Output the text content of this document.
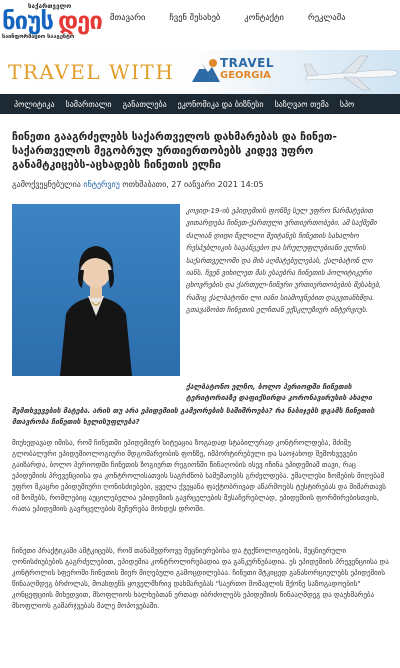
საქართველო
ნიუს დეი
საინფორმაციო სააგენტო
მთავარი	ჩვენ შესახებ	კონტაქტი	რეკლამა
TRAVEL WITH	TRAVEL
GEORGIA
პოლიტიკა სამართალი განათლება ეკონომიკა და ბიზნესი საზღვაო თემა სპო
ჩინეთი გააგრძელებს საქართველოს დახმარებას და ჩინეთ-საქართველოს მეგობრულ ურთიერთობებს კიდევ უფრო განამტკიცებს-აცხადებს ჩინეთის ელჩი
გამოქვეყნებულია ინტერვიუ ოთხშაბათი, 27 იანვარი 2021 14:05

კოვიდ-19-ის ეპიდემიის ფონზე სულ უფრო წარმატებით ვითარდება ჩინეთ-ქართული ურთიერთობები. ამ საქმეში ძალიან დიდი წვლილი შეიტანეს ჩინეთის სახალხო რესპუბლიკის საგანგებო და სრულუფლებიანი ელჩის საქართველოში და მის აღმატებულებას, ქალბატონ ლი იანს. ჩვენ ვიხილეთ მას ესაუბრა ჩინეთის პოლიტიკური ცხოვრების და ქართულ-ჩინური ურთიერთობების შესახებ, რაშიც ქალბატონი ლი იანი სიამოვნებით დაგვთანხმდა. გთავაზობთ ჩინეთის ელჩთან ექსკლუზიურ ინტერვიუს.

ქალბატონო ელჩო, ბოლო პერიოდში ჩინეთის ტერიტორიაზე დაფიქსირდა კორონავირუსის ახალი

შემთხვევების მატება. არის თუ არა ეპიდემიის გამეორების საშიშროება? რა ნაბიჯებს დგამს ჩინეთის მთავრობა ჩინეთის ხელისუფლება?

მიუხედავად იმისა, რომ ჩინეთში ეპიდემიურ სიტუაცია ზოგადად სტაბილურად კონტროლდება, მძიმე გლობალური ეპიდემიოლოგიური მდგომარეობის ფონზე, იმპორტირებული და საოჯახოდ შემოხვევები გაიზარდა, ბოლო პერიოდში ჩინეთის ზოგიერთ რეგიონში წინაღობის ისევ იჩინა ეპიდემიამ თავი, რაც ეპიდემიის პრევენციისა და კონტროლისათვის საგრძნობ სამუშაოებს გრძელდება. უმაღლესი ზომების მიღებამ უფრო მკაცრი ეპიდემიური ღონისძიებები, ყველა ქვეყანა ფაქტობრივად აწარმოებს ტესტირებას და მიმართავს იმ ზომებს, რომლებიც აუცილებელია ეპიდემიის გავრცელების შესაჩერებლად, ეპიდემიის ფორმირებისთვის, რათა ეპიდემიის გავრცელების შეჩერება მოხდეს დროში.

ჩინეთი პრაქტიკაში ამტკიცებს, რომ თანამედროვე მეცნიერებისა და ტექნოლოგიების, მეცნიერული ღონისძიებების გაგრძელებით, ეპიდემია კონტროლირებადია და განკურნებადია. ეს ეპიდემიის პრევენციისა და კონტროლის სფეროში ჩინეთის მიერ მიღებული გამოცდილებაა. ჩინეთი მტკიცედ განახორციელებს ეპიდემიის წინააღმდეგ ბრძოლას, მოახდენს ყოველმხრივ დახმარებას "საერთო მომავლის მქონე საზოგადოების" კონცეფციის მიხედვით, მსოფლიოს ხალხებთან ერთად იბრძოლებს ეპიდემიის წინააღმდეგ და დაეხმარება მსოფლიოს გამარჯვებას მალე მოპოვებაში.
